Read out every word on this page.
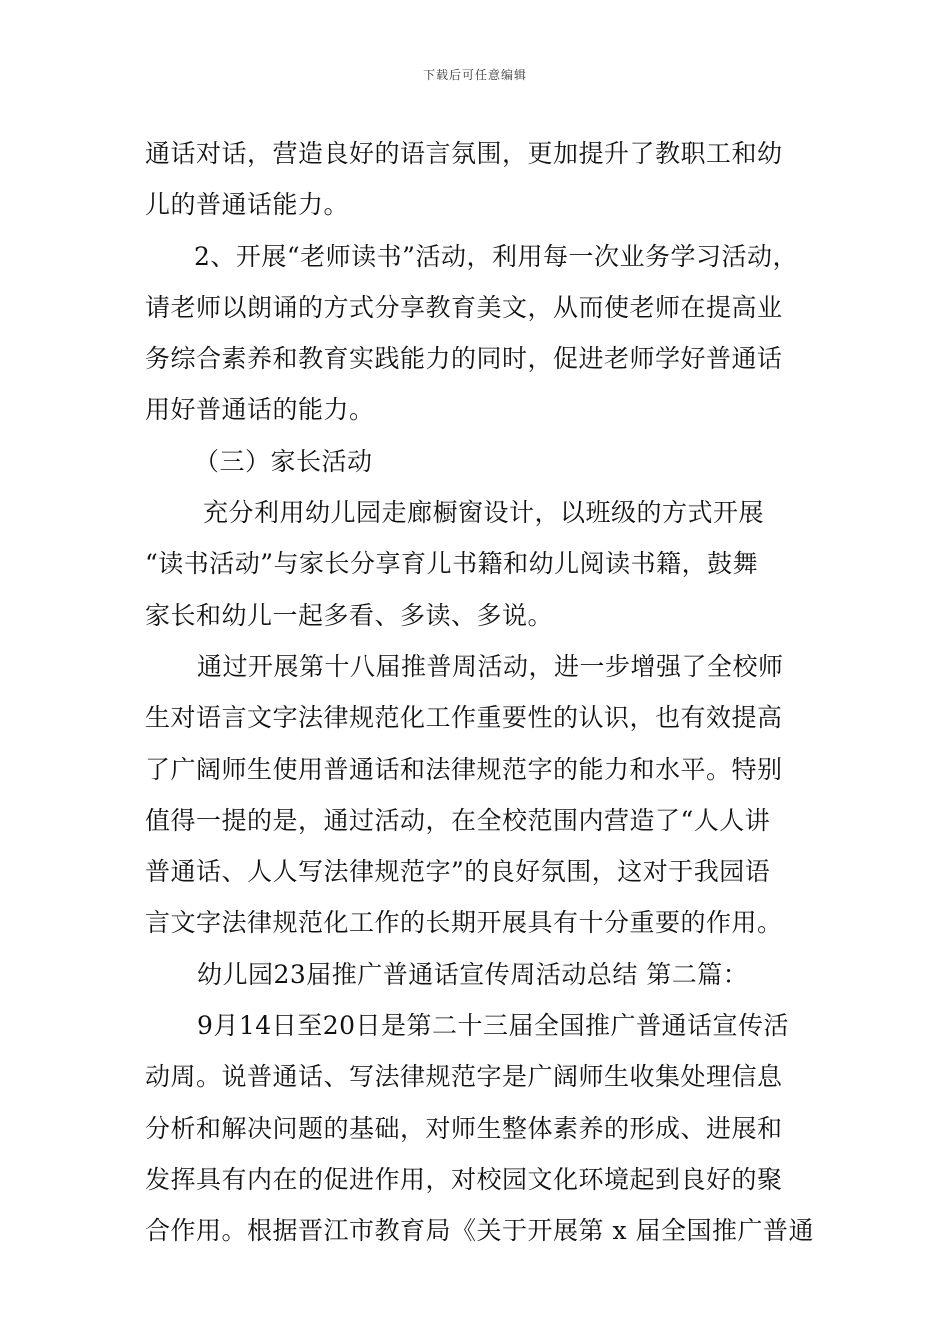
下载后可任意编辑
通话对话，营造良好的语言氛围，更加提升了教职工和幼
儿的普通话能力。
2、开展“老师读书”活动，利用每一次业务学习活动，
请老师以朗诵的方式分享教育美文，从而使老师在提高业
务综合素养和教育实践能力的同时，促进老师学好普通话
用好普通话的能力。
（三）家长活动
充分利用幼儿园走廊橱窗设计，以班级的方式开展
“读书活动”与家长分享育儿书籍和幼儿阅读书籍，鼓舞
家长和幼儿一起多看、多读、多说。
通过开展第十八届推普周活动，进一步增强了全校师
生对语言文字法律规范化工作重要性的认识，也有效提高
了广阔师生使用普通话和法律规范字的能力和水平。特别
值得一提的是，通过活动，在全校范围内营造了“人人讲
普通话、人人写法律规范字”的良好氛围，这对于我园语
言文字法律规范化工作的长期开展具有十分重要的作用。
幼儿园23届推广普通话宣传周活动总结 第二篇：
9月14日至20日是第二十三届全国推广普通话宣传活
动周。说普通话、写法律规范字是广阔师生收集处理信息
分析和解决问题的基础，对师生整体素养的形成、进展和
发挥具有内在的促进作用，对校园文化环境起到良好的聚
合作用。根据晋江市教育局《关于开展第 x 届全国推广普通
